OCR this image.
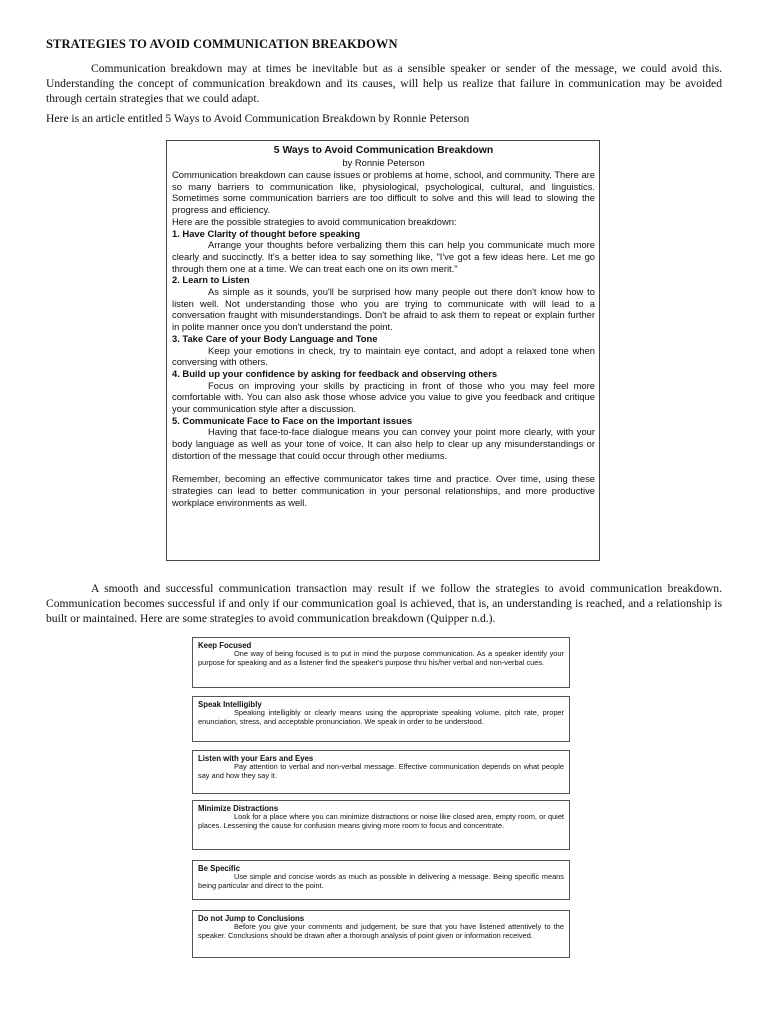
STRATEGIES TO AVOID COMMUNICATION BREAKDOWN

Communication breakdown may at times be inevitable but as a sensible speaker or sender of the message, we could avoid this. Understanding the concept of communication breakdown and its causes, will help us realize that failure in communication may be avoided through certain strategies that we could adapt.

Here is an article entitled 5 Ways to Avoid Communication Breakdown by Ronnie Peterson

5 Ways to Avoid Communication Breakdown
by Ronnie Peterson

Communication breakdown can cause issues or problems at home, school, and community. There are so many barriers to communication like, physiological, psychological, cultural, and linguistics. Sometimes some communication barriers are too difficult to solve and this will lead to slowing the progress and efficiency.

Here are the possible strategies to avoid communication breakdown:

1. Have Clarity of thought before speaking

Arrange your thoughts before verbalizing them this can help you communicate much more clearly and succinctly. It's a better idea to say something like, "I've got a few ideas here. Let me go through them one at a time. We can treat each one on its own merit."

2. Learn to Listen

As simple as it sounds, you'll be surprised how many people out there don't know how to listen well. Not understanding those who you are trying to communicate with will lead to a conversation fraught with misunderstandings. Don't be afraid to ask them to repeat or explain further in polite manner once you don't understand the point.

3. Take Care of your Body Language and Tone

Keep your emotions in check, try to maintain eye contact, and adopt a relaxed tone when conversing with others.

4. Build up your confidence by asking for feedback and observing others

Focus on improving your skills by practicing in front of those who you may feel more comfortable with. You can also ask those whose advice you value to give you feedback and critique your communication style after a discussion.

5. Communicate Face to Face on the important issues

Having that face-to-face dialogue means you can convey your point more clearly, with your body language as well as your tone of voice. It can also help to clear up any misunderstandings or distortion of the message that could occur through other mediums.

Remember, becoming an effective communicator takes time and practice. Over time, using these strategies can lead to better communication in your personal relationships, and more productive workplace environments as well.

A smooth and successful communication transaction may result if we follow the strategies to avoid communication breakdown. Communication becomes successful if and only if our communication goal is achieved, that is, an understanding is reached, and a relationship is built or maintained. Here are some strategies to avoid communication breakdown (Quipper n.d.).

Keep Focused

One way of being focused is to put in mind the purpose communication. As a speaker identify your purpose for speaking and as a listener find the speaker's purpose thru his/her verbal and non-verbal cues.

Speak Intelligibly

Speaking intelligibly or clearly means using the appropriate speaking volume, pitch rate, proper enunciation, stress, and acceptable pronunciation. We speak in order to be understood.

Listen with your Ears and Eyes

Pay attention to verbal and non-verbal message. Effective communication depends on what people say and how they say it.

Minimize Distractions

Look for a place where you can minimize distractions or noise like closed area, empty room, or quiet places. Lessening the cause for confusion means giving more room to focus and concentrate.

Be Specific

Use simple and concise words as much as possible in delivering a message. Being specific means being particular and direct to the point.

Do not Jump to Conclusions

Before you give your comments and judgement, be sure that you have listened attentively to the speaker. Conclusions should be drawn after a thorough analysis of point given or information received.
